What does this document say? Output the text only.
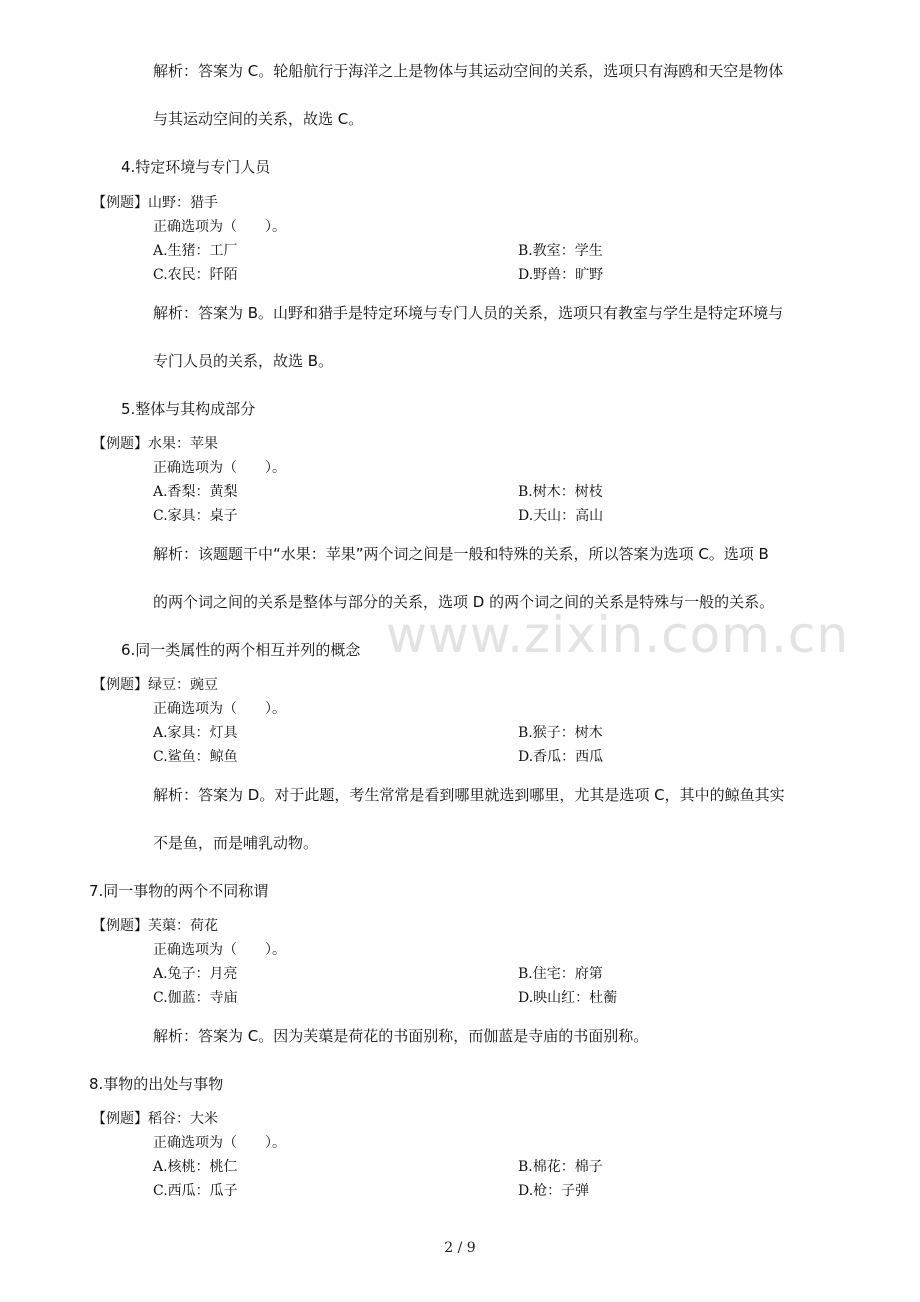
www.zixin.com.cn
解析：答案为 C。轮船航行于海洋之上是物体与其运动空间的关系，选项只有海鸥和天空是物体
与其运动空间的关系，故选 C。
4.特定环境与专门人员
【例题】山野：猎手
正确选项为（　　）。
A.生猪：工厂	B.教室：学生
C.农民：阡陌	D.野兽：旷野
解析：答案为 B。山野和猎手是特定环境与专门人员的关系，选项只有教室与学生是特定环境与
专门人员的关系，故选 B。
5.整体与其构成部分
【例题】水果：苹果
正确选项为（　　）。
A.香梨：黄梨	B.树木：树枝
C.家具：桌子	D.天山：高山
解析：该题题干中“水果：苹果”两个词之间是一般和特殊的关系，所以答案为选项 C。选项 B
的两个词之间的关系是整体与部分的关系，选项 D 的两个词之间的关系是特殊与一般的关系。
6.同一类属性的两个相互并列的概念
【例题】绿豆：豌豆
正确选项为（　　）。
A.家具：灯具	B.猴子：树木
C.鲨鱼：鲸鱼	D.香瓜：西瓜
解析：答案为 D。对于此题，考生常常是看到哪里就选到哪里，尤其是选项 C，其中的鲸鱼其实
不是鱼，而是哺乳动物。
7.同一事物的两个不同称谓
【例题】芙蕖：荷花
正确选项为（　　）。
A.兔子：月亮	B.住宅：府第
C.伽蓝：寺庙	D.映山红：杜蘅
解析：答案为 C。因为芙蕖是荷花的书面别称，而伽蓝是寺庙的书面别称。
8.事物的出处与事物
【例题】稻谷：大米
正确选项为（　　）。
A.核桃：桃仁	B.棉花：棉子
C.西瓜：瓜子	D.枪：子弹
2 / 9
